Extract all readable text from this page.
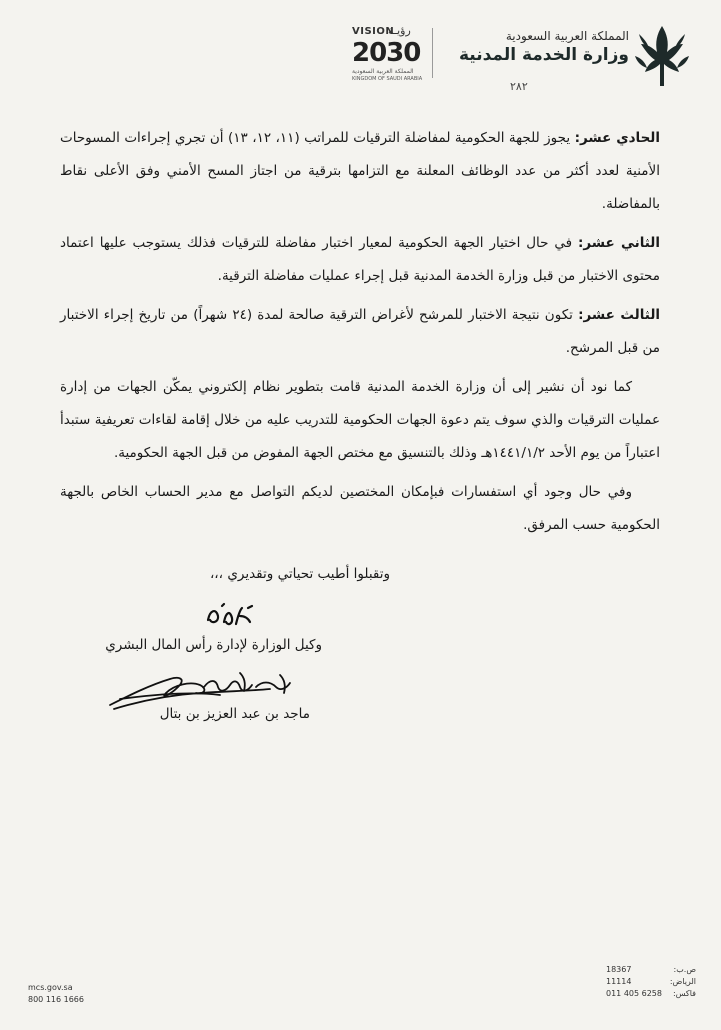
المملكة العربية السعودية
وزارة الخدمة المدنية
VISION
رؤيـة
2030
المملكة العربية السعودية
KINGDOM OF SAUDI ARABIA
٢٨٢

الحادي عشر: يجوز للجهة الحكومية لمفاضلة الترقيات للمراتب (١١، ١٢، ١٣) أن تجري إجراءات المسوحات الأمنية لعدد أكثر من عدد الوظائف المعلنة مع التزامها بترقية من اجتاز المسح الأمني وفق الأعلى نقاط بالمفاضلة.

الثاني عشر: في حال اختيار الجهة الحكومية لمعيار اختبار مفاضلة للترقيات فذلك يستوجب عليها اعتماد محتوى الاختبار من قبل وزارة الخدمة المدنية قبل إجراء عمليات مفاضلة الترقية.

الثالث عشر: تكون نتيجة الاختبار للمرشح لأغراض الترقية صالحة لمدة (٢٤ شهراً) من تاريخ إجراء الاختبار من قبل المرشح.

كما نود أن نشير إلى أن وزارة الخدمة المدنية قامت بتطوير نظام إلكتروني يمكّن الجهات من إدارة عمليات الترقيات والذي سوف يتم دعوة الجهات الحكومية للتدريب عليه من خلال إقامة لقاءات تعريفية ستبدأ اعتباراً من يوم الأحد ١٤٤١/١/٢هـ وذلك بالتنسيق مع مختص الجهة المفوض من قبل الجهة الحكومية.

وفي حال وجود أي استفسارات فبإمكان المختصين لديكم التواصل مع مدير الحساب الخاص بالجهة الحكومية حسب المرفق.

وتقبلوا أطيب تحياتي وتقديري ،،،
وكيل الوزارة لإدارة رأس المال البشري
ماجد بن عبد العزيز بن بتال
mcs.gov.sa
800 116 1666
18367	ص.ب:
11114	الرياض:
011 405 6258 فاكس:
